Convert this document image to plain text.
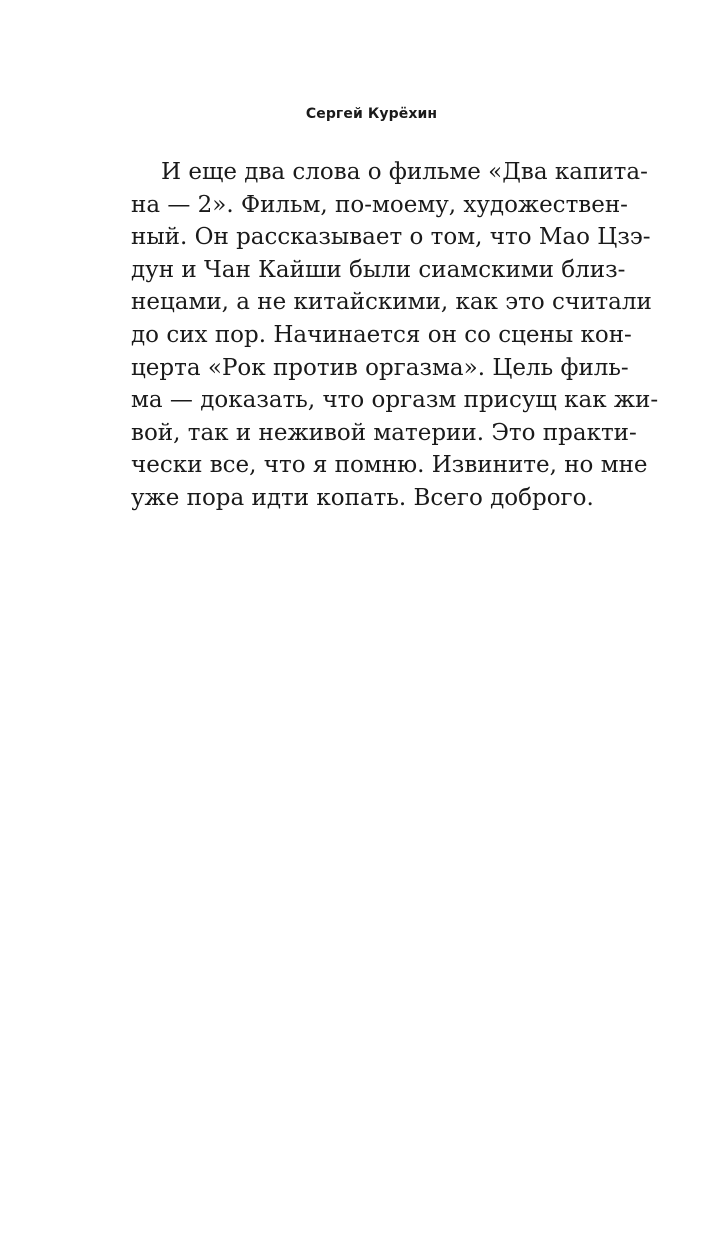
Сергей Курёхин
И еще два слова о фильме «Два капита-
на — 2». Фильм, по-моему, художествен-
ный. Он рассказывает о том, что Мао Цзэ-
дун и Чан Кайши были сиамскими близ-
нецами, а не китайскими, как это считали
до сих пор. Начинается он со сцены кон-
церта «Рок против оргазма». Цель филь-
ма — доказать, что оргазм присущ как жи-
вой, так и неживой материи. Это практи-
чески все, что я помню. Извините, но мне
уже пора идти копать. Всего доброго.
